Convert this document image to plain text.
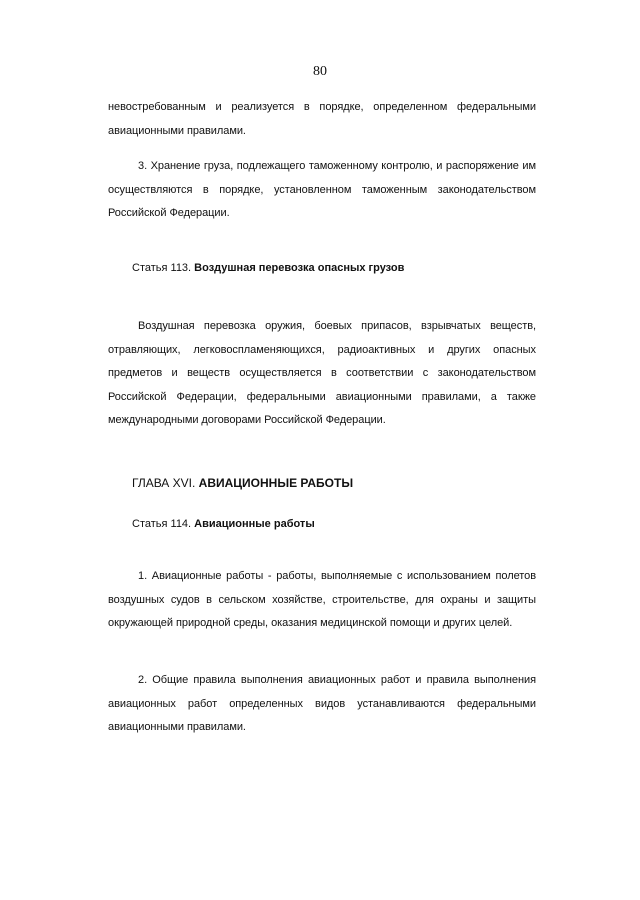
80

невостребованным и реализуется в порядке, определенном федеральными авиационными правилами.

3. Хранение груза, подлежащего таможенному контролю, и распоряжение им осуществляются в порядке, установленном таможенным законодательством Российской Федерации.

Статья 113. Воздушная перевозка опасных грузов

Воздушная перевозка оружия, боевых припасов, взрывчатых веществ, отравляющих, легковоспламеняющихся, радиоактивных и других опасных предметов и веществ осуществляется в соответствии с законодательством Российской Федерации, федеральными авиационными правилами, а также международными договорами Российской Федерации.

ГЛАВА XVI. АВИАЦИОННЫЕ РАБОТЫ
Статья 114. Авиационные работы

1. Авиационные работы - работы, выполняемые с использованием полетов воздушных судов в сельском хозяйстве, строительстве, для охраны и защиты окружающей природной среды, оказания медицинской помощи и других целей.

2. Общие правила выполнения авиационных работ и правила выполнения авиационных работ определенных видов устанавливаются федеральными авиационными правилами.
